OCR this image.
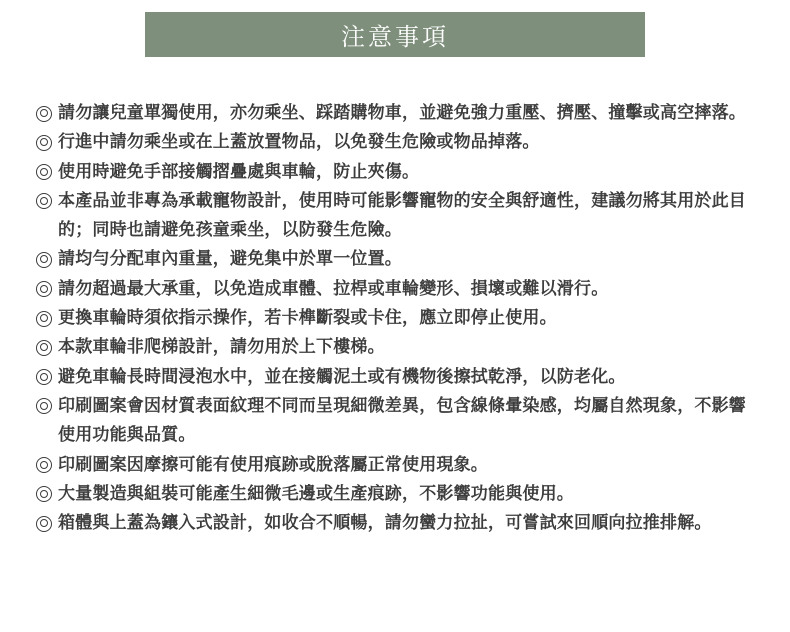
注意事項
請勿讓兒童單獨使用，亦勿乘坐、踩踏購物車，並避免強力重壓、擠壓、撞擊或高空摔落。
行進中請勿乘坐或在上蓋放置物品，以免發生危險或物品掉落。
使用時避免手部接觸摺疊處與車輪，防止夾傷。
本產品並非專為承載寵物設計，使用時可能影響寵物的安全與舒適性，建議勿將其用於此目的；同時也請避免孩童乘坐，以防發生危險。
請均勻分配車內重量，避免集中於單一位置。
請勿超過最大承重，以免造成車體、拉桿或車輪變形、損壞或難以滑行。
更換車輪時須依指示操作，若卡榫斷裂或卡住，應立即停止使用。
本款車輪非爬梯設計，請勿用於上下樓梯。
避免車輪長時間浸泡水中，並在接觸泥土或有機物後擦拭乾淨，以防老化。
印刷圖案會因材質表面紋理不同而呈現細微差異，包含線條暈染感，均屬自然現象，不影響使用功能與品質。
印刷圖案因摩擦可能有使用痕跡或脫落屬正常使用現象。
大量製造與組裝可能產生細微毛邊或生產痕跡，不影響功能與使用。
箱體與上蓋為鑲入式設計，如收合不順暢，請勿蠻力拉扯，可嘗試來回順向拉推排解。
